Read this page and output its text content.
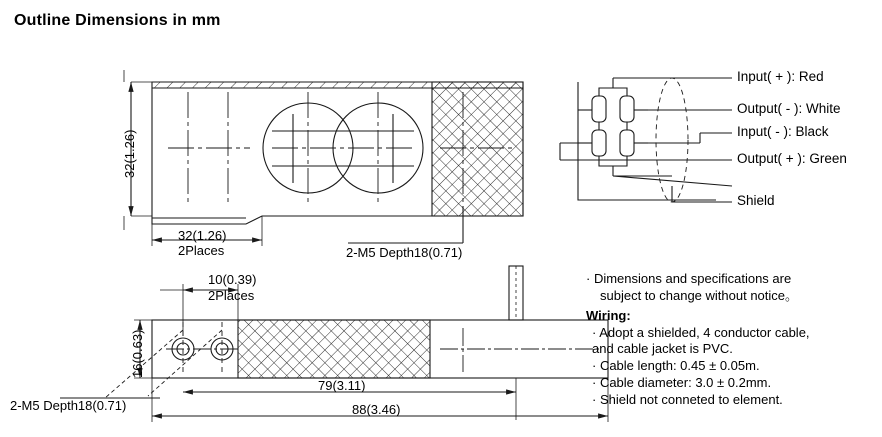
Outline Dimensions in mm
32(1.26)
32(1.26)
2Places	2-M5 Depth18(0.71)
10(0.39)
2Places
16(0.63)
2-M5 Depth18(0.71)
79(3.11)
88(3.46)
Input( + ): Red
Output( - ): White
Input( - ): Black
Output( + ): Green
Shield
· Dimensions and specifications are
subject to change without notice。
Wiring:
· Adopt a shielded, 4 conductor cable,
and cable jacket is PVC.
· Cable length: 0.45 ± 0.05m.
· Cable diameter: 3.0 ± 0.2mm.
· Shield not conneted to element.
